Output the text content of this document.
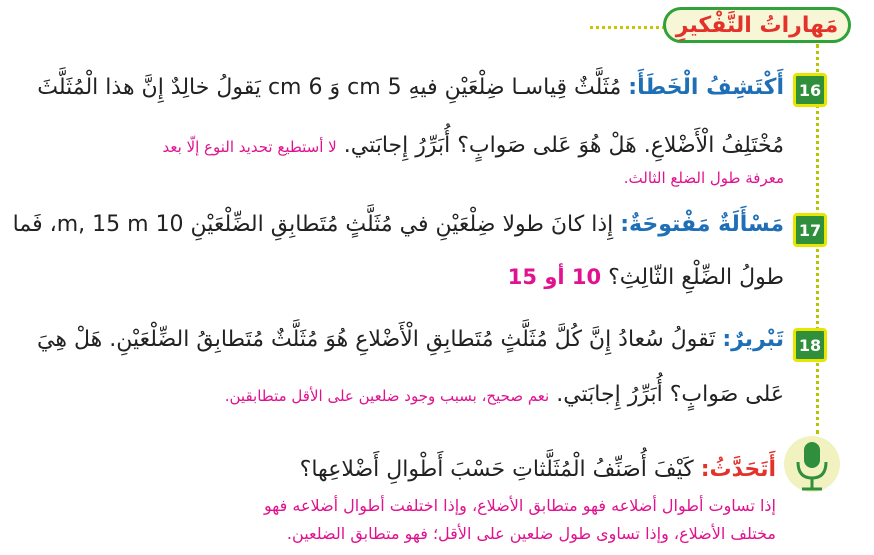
مَهاراتُ التَّفْكيرِ
16
أَكْتَشِفُ الْخَطَأَ: مُثَلَّثٌ قِياسـا ضِلْعَيْنِ فيهِ 5 cm وَ 6 cm يَقولُ خالِدٌ إِنَّ هذا الْمُثَلَّثَ
مُخْتَلِفُ الْأَضْلاعِ. هَلْ هُوَ عَلى صَوابٍ؟ أُبَرِّرُ إِجابَتي. لا أستطيع تحديد النوع إلّا بعد
معرفة طول الضلع الثالث.
17
مَسْأَلَةٌ مَفْتوحَةٌ: إِذا كانَ طولا ضِلْعَيْنِ في مُثَلَّثٍ مُتَطابِقِ الضِّلْعَيْنِ 10 m, 15 m، فَما
طولُ الضِّلْعِ الثّالِثِ؟ 10 أو 15
18
تَبْريرٌ: تَقولُ سُعادُ إِنَّ كُلَّ مُثَلَّثٍ مُتَطابِقِ الْأَضْلاعِ هُوَ مُثَلَّثٌ مُتَطابِقُ الضِّلْعَيْنِ. هَلْ هِيَ
عَلى صَوابٍ؟ أُبَرِّرُ إِجابَتي. نعم صحيح، بسبب وجود ضلعين على الأقل متطابقين.
أَتَحَدَّثُ: كَيْفَ أُصَنِّفُ الْمُثَلَّثاتِ حَسْبَ أَطْوالِ أَضْلاعِها؟
إذا تساوت أطوال أضلاعه فهو متطابق الأضلاع، وإذا اختلفت أطوال أضلاعه فهو
مختلف الأضلاع، وإذا تساوى طول ضلعين على الأقل؛ فهو متطابق الضلعين.
